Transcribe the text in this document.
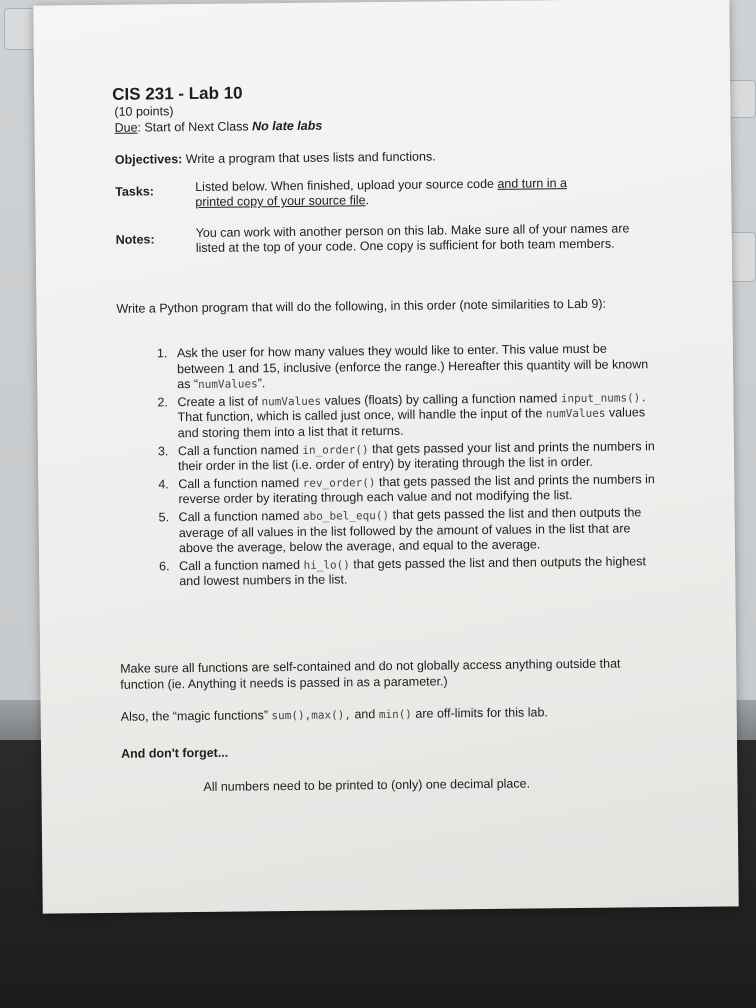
CIS 231 - Lab 10
(10 points)
Due: Start of Next Class No late labs
Objectives: Write a program that uses lists and functions.
Tasks:	Listed below. When finished, upload your source code and turn in a
printed copy of your source file.
Notes:	You can work with another person on this lab. Make sure all of your names are listed at the top of your code. One copy is sufficient for both team members.
Write a Python program that will do the following, in this order (note similarities to Lab 9):
1. Ask the user for how many values they would like to enter. This value must be between 1 and 15, inclusive (enforce the range.) Hereafter this quantity will be known as “numValues”.
2. Create a list of numValues values (floats) by calling a function named input_nums(). That function, which is called just once, will handle the input of the numValues values and storing them into a list that it returns.
3. Call a function named in_order() that gets passed your list and prints the numbers in their order in the list (i.e. order of entry) by iterating through the list in order.
4. Call a function named rev_order() that gets passed the list and prints the numbers in reverse order by iterating through each value and not modifying the list.
5. Call a function named abo_bel_equ() that gets passed the list and then outputs the average of all values in the list followed by the amount of values in the list that are above the average, below the average, and equal to the average.
6. Call a function named hi_lo() that gets passed the list and then outputs the highest and lowest numbers in the list.
Make sure all functions are self-contained and do not globally access anything outside that function (ie. Anything it needs is passed in as a parameter.)
Also, the “magic functions” sum(),max(), and min() are off-limits for this lab.
And don't forget...
All numbers need to be printed to (only) one decimal place.
